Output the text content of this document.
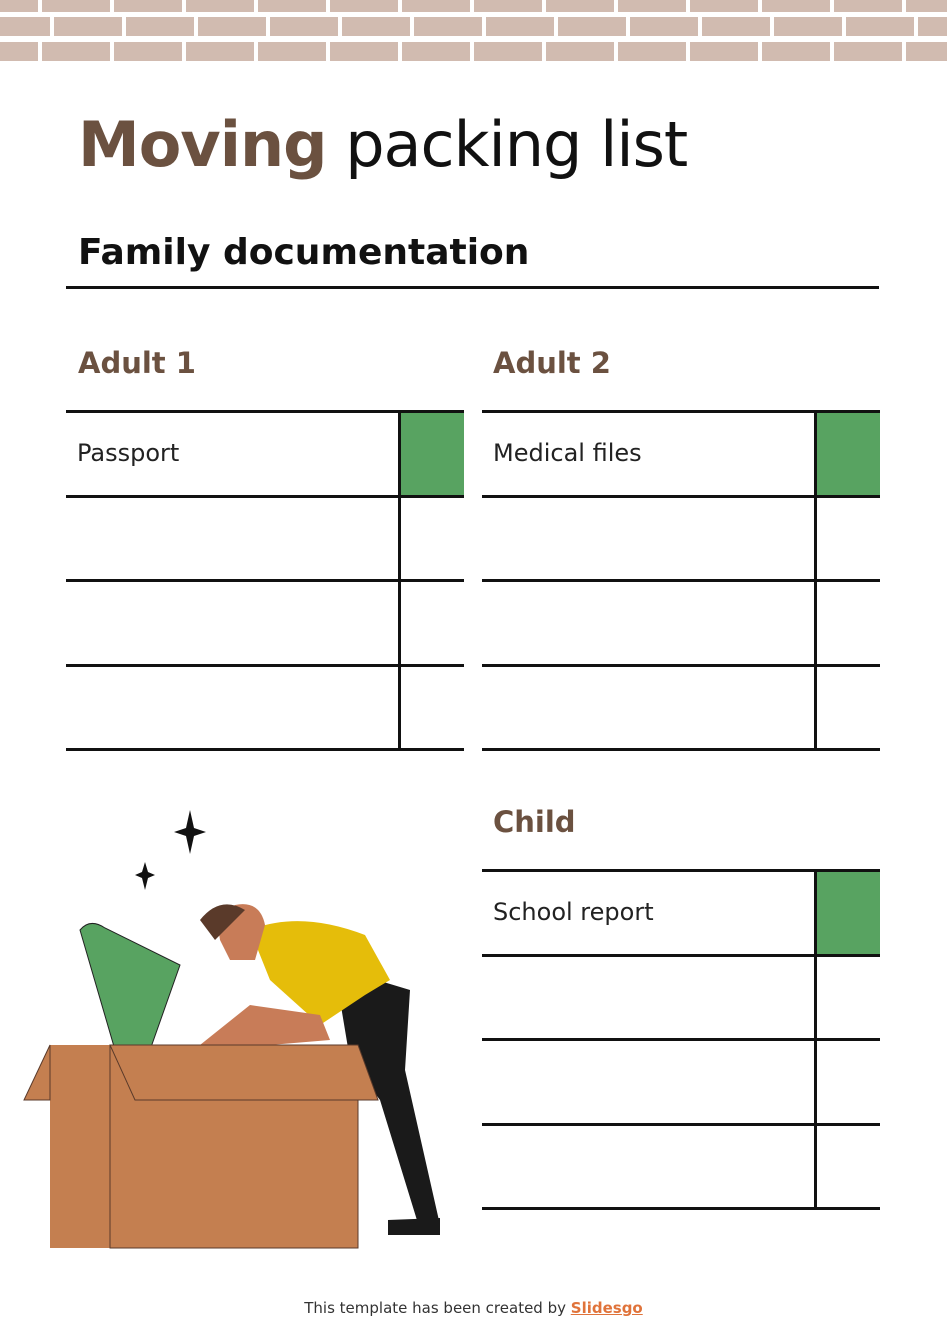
Moving packing list
Family documentation
Adult 1	Adult 2
Child
Passport	Medical files
School report
This template has been created by Slidesgo
